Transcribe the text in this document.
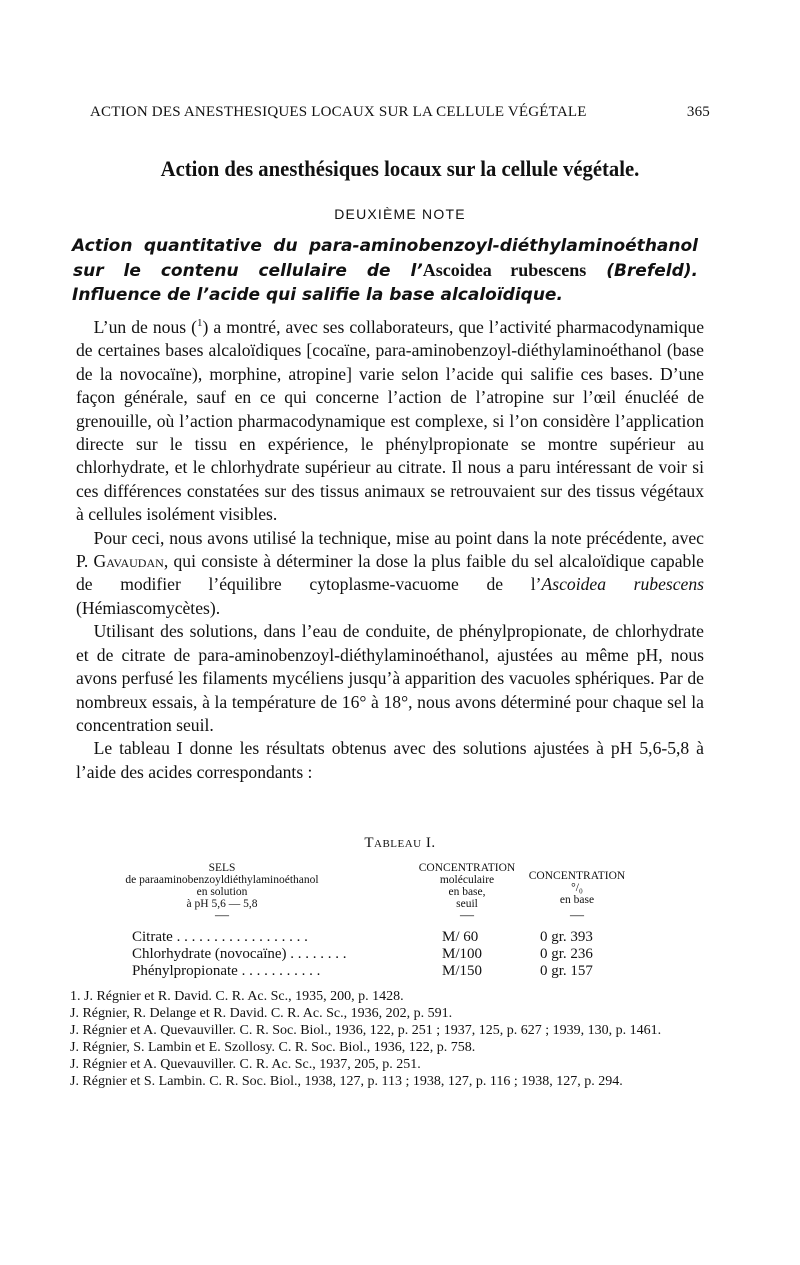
ACTION DES ANESTHESIQUES LOCAUX SUR LA CELLULE VÉGÉTALE	365
Action des anesthésiques locaux sur la cellule végétale.
DEUXIÈME NOTE
Action quantitative du para-aminobenzoyl-diéthylaminoéthanol
sur le contenu cellulaire de l’Ascoidea rubescens (Brefeld).
Influence de l’acide qui salifie la base alcaloïdique.

 L’un de nous ($^1$) a montré, avec ses collaborateurs, que l’activité pharmacodynamique de certaines bases alcaloïdiques [cocaïne, para-aminobenzoyl-diéthylaminoéthanol (base de la novocaïne), morphine, atropine] varie selon l’acide qui salifie ces bases. D’une façon générale, sauf en ce qui concerne l’action de l’atropine sur l’œil énucléé de grenouille, où l’action pharmacodynamique est complexe, si l’on considère l’application directe sur le tissu en expérience, le phénylpropionate se montre supérieur au chlorhydrate, et le chlorhydrate supérieur au citrate. Il nous a paru intéressant de voir si ces différences constatées sur des tissus animaux se retrouvaient sur des tissus végétaux à cellules isolément visibles.

 Pour ceci, nous avons utilisé la technique, mise au point dans la note précédente, avec P. Gavaudan, qui consiste à déterminer la dose la plus faible du sel alcaloïdique capable de modifier l’équilibre cytoplasme-vacuome de l’Ascoidea rubescens (Hémiascomycètes).

 Utilisant des solutions, dans l’eau de conduite, de phénylpropionate, de chlorhydrate et de citrate de para-aminobenzoyl-diéthylaminoéthanol, ajustées au même pH, nous avons perfusé les filaments mycéliens jusqu’à apparition des vacuoles sphériques. Par de nombreux essais, à la température de 16° à 18°, nous avons déterminé pour chaque sel la concentration seuil.

 Le tableau I donne les résultats obtenus avec des solutions ajustées à pH 5,6-5,8 à l’aide des acides correspondants :

Tableau I.
SELS
de paraaminobenzoyldiéthylaminoéthanol
en solution
à pH 5,6 — 5,8
CONCENTRATION
moléculaire
en base,
seuil
CONCENTRATION
°/₀
en base
—	—	—
Citrate . . . . . . . . . . . . . . . . . .	M/ 60	0 gr. 393
Chlorhydrate (novocaïne) . . . . . . . .	M/100	0 gr. 236
Phénylpropionate . . . . . . . . . . .	M/150	0 gr. 157

1. J. Régnier et R. David. C. R. Ac. Sc., 1935, 200, p. 1428.

J. Régnier, R. Delange et R. David. C. R. Ac. Sc., 1936, 202, p. 591.

J. Régnier et A. Quevauviller. C. R. Soc. Biol., 1936, 122, p. 251 ; 1937, 125, p. 627 ; 1939, 130, p. 1461.

J. Régnier, S. Lambin et E. Szollosy. C. R. Soc. Biol., 1936, 122, p. 758.

J. Régnier et A. Quevauviller. C. R. Ac. Sc., 1937, 205, p. 251.

J. Régnier et S. Lambin. C. R. Soc. Biol., 1938, 127, p. 113 ; 1938, 127, p. 116 ; 1938, 127, p. 294.
